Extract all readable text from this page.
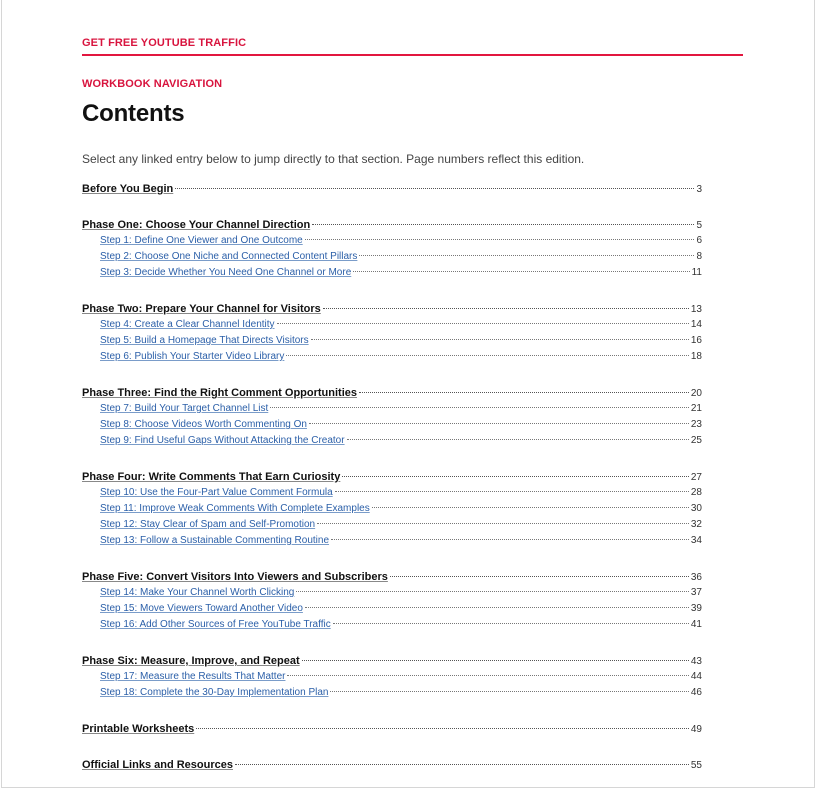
GET FREE YOUTUBE TRAFFIC
WORKBOOK NAVIGATION
Contents
Select any linked entry below to jump directly to that section. Page numbers reflect this edition.
Before You Begin	3
Phase One: Choose Your Channel Direction	5
Step 1: Define One Viewer and One Outcome	6
Step 2: Choose One Niche and Connected Content Pillars	8
Step 3: Decide Whether You Need One Channel or More	11
Phase Two: Prepare Your Channel for Visitors	13
Step 4: Create a Clear Channel Identity	14
Step 5: Build a Homepage That Directs Visitors	16
Step 6: Publish Your Starter Video Library	18
Phase Three: Find the Right Comment Opportunities	20
Step 7: Build Your Target Channel List	21
Step 8: Choose Videos Worth Commenting On	23
Step 9: Find Useful Gaps Without Attacking the Creator	25
Phase Four: Write Comments That Earn Curiosity	27
Step 10: Use the Four-Part Value Comment Formula	28
Step 11: Improve Weak Comments With Complete Examples	30
Step 12: Stay Clear of Spam and Self-Promotion	32
Step 13: Follow a Sustainable Commenting Routine	34
Phase Five: Convert Visitors Into Viewers and Subscribers	36
Step 14: Make Your Channel Worth Clicking	37
Step 15: Move Viewers Toward Another Video	39
Step 16: Add Other Sources of Free YouTube Traffic	41
Phase Six: Measure, Improve, and Repeat	43
Step 17: Measure the Results That Matter	44
Step 18: Complete the 30-Day Implementation Plan	46
Printable Worksheets	49
Official Links and Resources	55
